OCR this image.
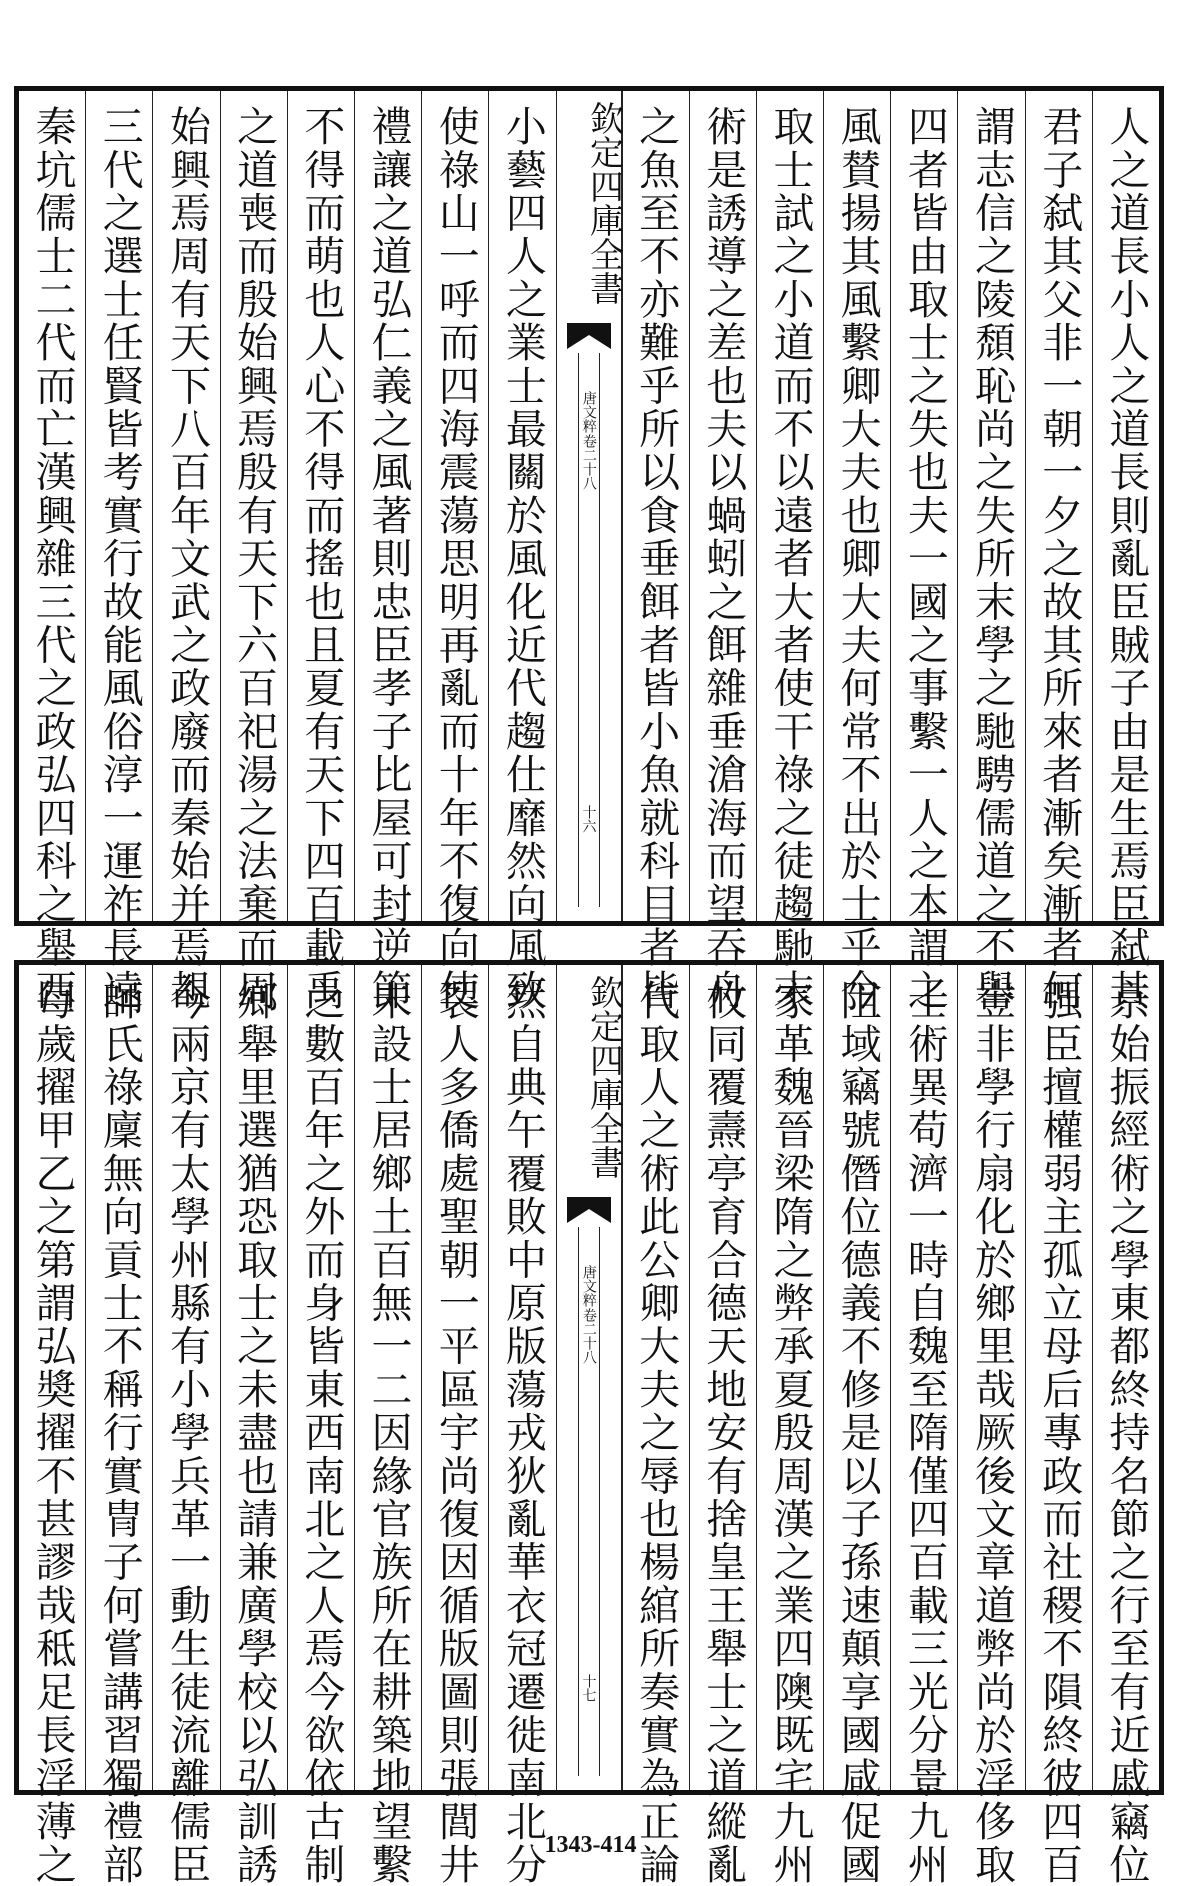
人之道長小人之道長則亂臣賊子由是生焉臣弑其
君子弑其父非一朝一夕之故其所來者漸矣漸者何
謂志信之陵頹恥尚之失所末學之馳騁儒道之不舉
四者皆由取士之失也夫一國之事繫一人之本謂之
風賛揚其風繫卿大夫也卿大夫何常不出於士乎今
取士試之小道而不以遠者大者使干祿之徒趨馳末
術是誘導之差也夫以蝸蚓之餌雜垂滄海而望吞舟
之魚至不亦難乎所以食垂餌者皆小魚就科目者皆
欽定四庫全書
唐文粹
卷二十八
十六
小藝四人之業士最關於風化近代趨仕靡然向風致
使祿山一呼而四海震蕩思明再亂而十年不復向使
禮讓之道弘仁義之風著則忠臣孝子比屋可封逆節
不得而萌也人心不得而搖也且夏有天下四百載禹
之道喪而殷始興焉殷有天下六百祀湯之法棄而周
始興焉周有天下八百年文武之政廢而秦始并焉覩
三代之選士任賢皆考實行故能風俗淳一運祚長遠
秦坑儒士二代而亡漢興雜三代之政弘四科之舉西
京始振經術之學東都終持名節之行至有近戚竊位
强臣擅權弱主孤立母后專政而社稷不隕終彼四百
豈非學行扇化於鄉里哉厥後文章道弊尚於浮侈取
士術異苟濟一時自魏至隋僅四百載三光分景九州
阻域竊號僭位德義不修是以子孫速顛享國咸促國
家革魏晉梁隋之弊承夏殷周漢之業四隩既宅九州
攸同覆燾亭育合德天地安有捨皇王舉士之道縱亂
代取人之術此公卿大夫之辱也楊綰所奏實為正論
欽定四庫全書
唐文粹
卷二十八
十七
然自典午覆敗中原版蕩戎狄亂華衣冠遷徙南北分
裂人多僑處聖朝一平區宇尚復因循版圖則張閭井
未設士居鄉土百無一二因緣官族所在耕築地望繫
之數百年之外而身皆東西南北之人焉今欲依古制
鄉舉里選猶恐取士之未盡也請兼廣學校以弘訓誘
今兩京有太學州縣有小學兵革一動生徒流離儒臣
師氏祿廩無向貢士不稱行實冑子何嘗講習獨禮部
每歲擢甲乙之第謂弘奬擢不甚謬哉秪足長浮薄之	1343-414
